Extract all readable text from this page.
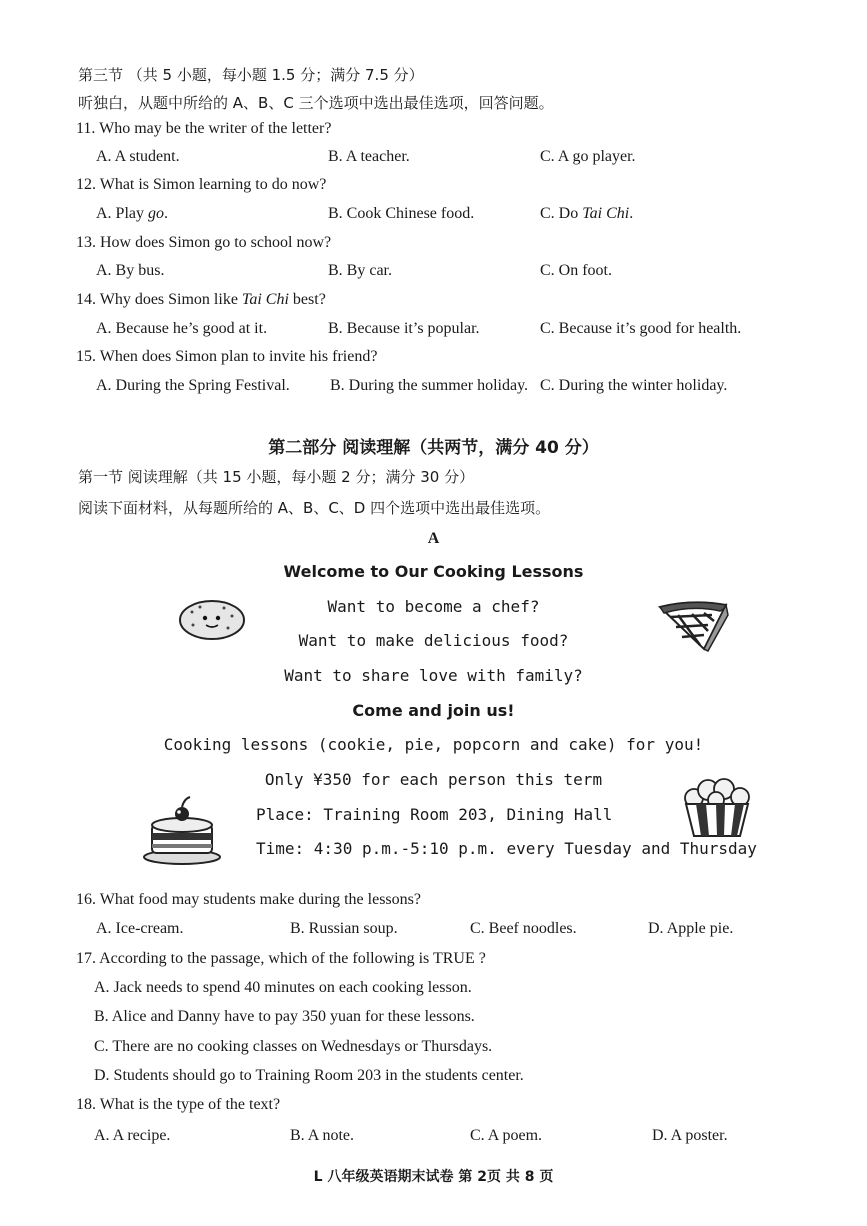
第三节 （共 5 小题，每小题 1.5 分；满分 7.5 分）
听独白，从题中所给的 A、B、C 三个选项中选出最佳选项，回答问题。
11. Who may be the writer of the letter?
A. A student.	B. A teacher.	C. A go player.
12. What is Simon learning to do now?
A. Play go.	B. Cook Chinese food.	C. Do Tai Chi.
13. How does Simon go to school now?
A. By bus.	B. By car.	C. On foot.
14. Why does Simon like Tai Chi best?
A. Because he’s good at it.	B. Because it’s popular.	C. Because it’s good for health.
15. When does Simon plan to invite his friend?
A. During the Spring Festival.	B. During the summer holiday. C. During the winter holiday.
第二部分 阅读理解（共两节，满分 40 分）
第一节 阅读理解（共 15 小题，每小题 2 分；满分 30 分）
阅读下面材料，从每题所给的 A、B、C、D 四个选项中选出最佳选项。
A
Welcome to Our Cooking Lessons
Want to become a chef?
Want to make delicious food?
Want to share love with family?
Come and join us!
Cooking lessons (cookie, pie, popcorn and cake) for you!
Only ¥350 for each person this term
Place: Training Room 203, Dining Hall
Time: 4:30 p.m.-5:10 p.m. every Tuesday and Thursday
16. What food may students make during the lessons?
A. Ice-cream.	B. Russian soup.	C. Beef noodles.	D. Apple pie.
17. According to the passage, which of the following is TRUE ?
A. Jack needs to spend 40 minutes on each cooking lesson.
B. Alice and Danny have to pay 350 yuan for these lessons.
C. There are no cooking classes on Wednesdays or Thursdays.
D. Students should go to Training Room 203 in the students center.
18. What is the type of the text?
A. A recipe.	B. A note.	C. A poem.	D. A poster.
L 八年级英语期末试卷 第 2页 共 8 页
